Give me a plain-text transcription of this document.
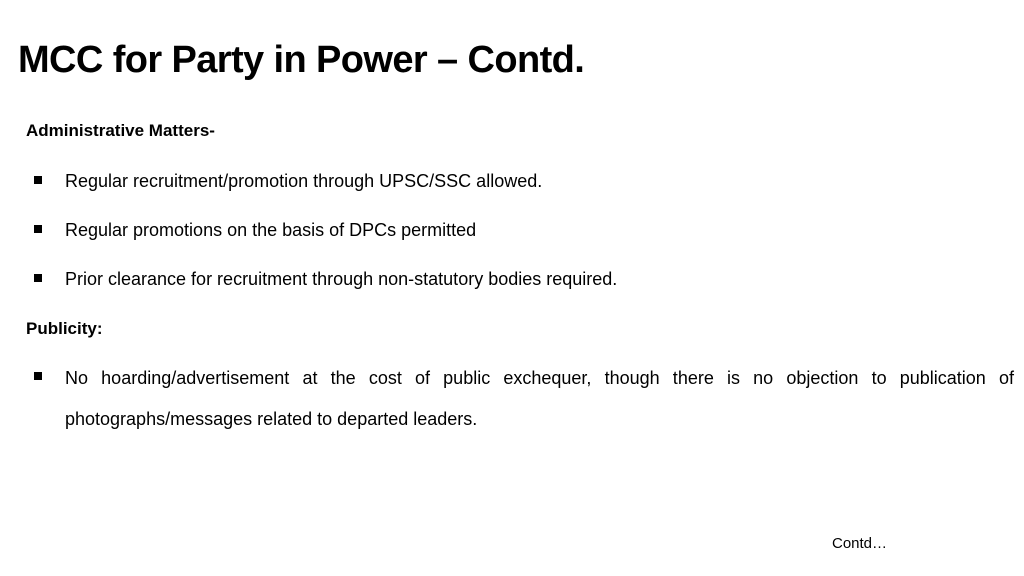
MCC for Party in Power – Contd.
Administrative Matters-
Regular recruitment/promotion through UPSC/SSC allowed.
Regular promotions on the basis of DPCs permitted
Prior clearance for recruitment through non-statutory bodies required.
Publicity:
No hoarding/advertisement at the cost of public exchequer, though there is no objection to publication of photographs/messages related to departed leaders.
Contd…
